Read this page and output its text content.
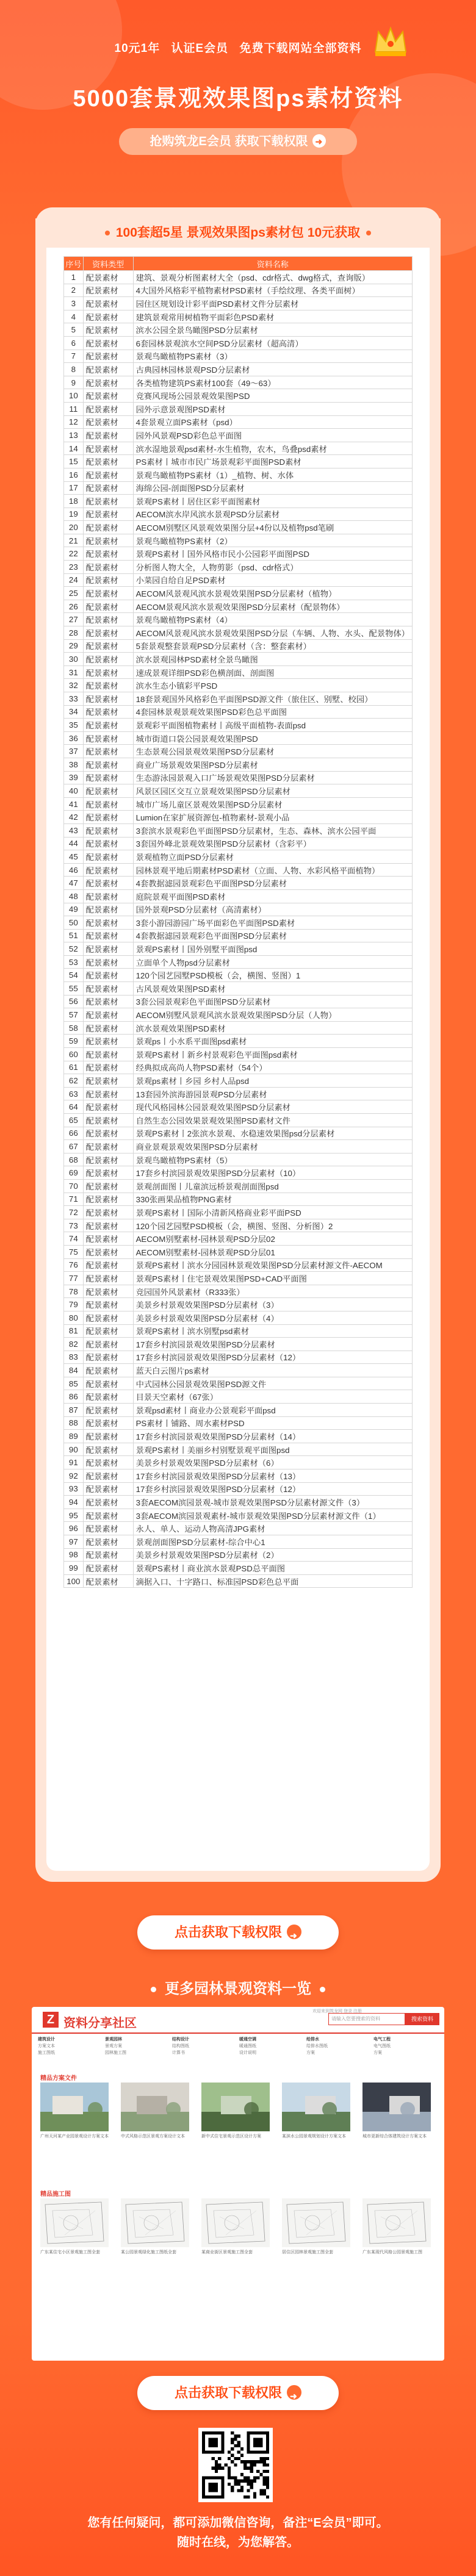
10元1年 认证E会员 免费下载网站全部资料
5000套景观效果图ps素材资料
抢购筑龙E会员 获取下载权限➜
100套超5星 景观效果图ps素材包 10元获取
序号	资料类型	资料名称
1	配景素材	建筑、景观分析图素材大全（psd、cdr格式、dwg格式，查询版）
2	配景素材	4大国外风格彩平植物素材PSD素材（手绘纹理、各类平面树）
3	配景素材	园住区规划设计彩平面PSD素材文件分层素材
4	配景素材	建筑景观常用树植物平面彩色PSD素材
5	配景素材	滨水公园全景鸟瞰图PSD分层素材
6	配景素材	6套园林景观滨水空间PSD分层素材（超高清）
7	配景素材	景观鸟瞰植物PS素材（3）
8	配景素材	古典园林园林景观PSD分层素材
9	配景素材	各类植物建筑PS素材100套（49～63）
10	配景素材	竞赛风现场公园景观效果图PSD
11	配景素材	园外示意景观图PSD素材
12	配景素材	4套景观立面PS素材（psd）
13	配景素材	园外风景观PSD彩色总平面图
14	配景素材	滨水湿地景观psd素材-水生植物，农木，鸟叠psd素材
15	配景素材	PS素材丨城市市民广场景观彩平面图PSD素材
16	配景素材	景观鸟瞰植物PS素材（1）_植物、树、水体
17	配景素材	海绵公园-剖面图PSD分层素材
18	配景素材	景观PS素材丨居住区彩平面图素材
19	配景素材	AECOM滨水岸风滨水景观PSD分层素材
20	配景素材	AECOM别墅区风景观效果图分层+4份以及植物psd笔刷
21	配景素材	景观鸟瞰植物PS素材（2）
22	配景素材	景观PS素材丨国外风格市民小公园彩平面图PSD
23	配景素材	分析图人物大全，人物剪影（psd、cdr格式）
24	配景素材	小菜园自给自足PSD素材
25	配景素材	AECOM风景观风滨水景观效果图PSD分层素材（植物）
26	配景素材	AECOM景观风滨水景观效果图PSD分层素材（配景物体）
27	配景素材	景观鸟瞰植物PS素材（4）
28	配景素材	AECOM风景观风滨水景观效果图PSD分层（车辆、人物、水头、配景物体）
29	配景素材	5套景观整套景观PSD分层素材（含：整套素材）
30	配景素材	滨水景观园林PSD素材全景鸟瞰图
31	配景素材	速成景观详细PSD彩色横剖面、剖面图
32	配景素材	滨水生态小镇彩平PSD
33	配景素材	18套景观国外风格彩色平面图PSD源文件（旅住区、别墅、校园）
34	配景素材	4套园林景观景观效果图PSD彩色总平面图
35	配景素材	景观彩平面图植物素材丨高级平面植物-表面psd
36	配景素材	城市街道口袋公园景观效果图PSD
37	配景素材	生态景观公园景观效果图PSD分层素材
38	配景素材	商业广场景观效果图PSD分层素材
39	配景素材	生态游泳园景观入口广场景观效果图PSD分层素材
40	配景素材	风景区园区交互立景观效果图PSD分层素材
41	配景素材	城市广场儿童区景观效果图PSD分层素材
42	配景素材	Lumion在家扩展资源包-植物素材-景观小品
43	配景素材	3套滨水景观彩色平面图PSD分层素材，生态、森林、滨水公园平面
44	配景素材	3套国外峰北景观效果图PSD分层素材（含彩平）
45	配景素材	景观植物立面PSD分层素材
46	配景素材	园林景观平地后期素材PSD素材（立面、人物、水彩风格平面植物）
47	配景素材	4套教据滤园景观彩色平面图PSD分层素材
48	配景素材	庭院景观平面图PSD素材
49	配景素材	国外景观PSD分层素材（高清素材）
50	配景素材	3套小游园游园广场平面彩色平面图PSD素材
51	配景素材	4套教据滤园景观彩色平面图PSD分层素材
52	配景素材	景观PS素材丨国外别墅平面图psd
53	配景素材	立面单个人物psd分层素材
54	配景素材	120个园艺园墅PSD模板（会，横图、竖图）1
55	配景素材	古风景观效果图PSD素材
56	配景素材	3套公园景观彩色平面图PSD分层素材
57	配景素材	AECOM别墅风景观风滨水景观效果图PSD分层（人物）
58	配景素材	滨水景观效果图PSD素材
59	配景素材	景观ps丨小水系平面图psd素材
60	配景素材	景观PS素材丨新乡村景观彩色平面图psd素材
61	配景素材	经典拟成高尚人物PSD素材（54个）
62	配景素材	景观ps素材丨乡园 乡村人品psd
63	配景素材	13套园外滨海游园景观PSD分层素材
64	配景素材	现代风格园林公园景观效果图PSD分层素材
65	配景素材	自然生态公园效果景观效果图PSD素材文件
66	配景素材	景观PS素材丨2张滨水景观、水稳速效果图psd分层素材
67	配景素材	商业景观景观效果图PSD分层素材
68	配景素材	景观鸟瞰植物PS素材（5）
69	配景素材	17套乡村滨园景观效果图PSD分层素材（10）
70	配景素材	景观剖面图丨儿童滨远桥景观剖面图psd
71	配景素材	330张画果品植物PNG素材
72	配景素材	景观PS素材丨国际小清新风格商业彩平面PSD
73	配景素材	120个园艺园墅PSD模板（会，横图、竖图、分析图）2
74	配景素材	AECOM别墅素材-园林景观PSD分层02
75	配景素材	AECOM别墅素材-园林景观PSD分层01
76	配景素材	景观PS素材丨滨水分园园林景观效果图PSD分层素材源文件-AECOM
77	配景素材	景观PS素材丨住宅景观效果图PSD+CAD平面图
78	配景素材	竞园国外风景素材（R333张）
79	配景素材	美景乡村景观效果图PSD分层素材（3）
80	配景素材	美景乡村景观效果图PSD分层素材（4）
81	配景素材	景观PS素材丨滨水别墅psd素材
82	配景素材	17套乡村滨园景观效果图PSD分层素材
83	配景素材	17套乡村滨园景观效果图PSD分层素材（12）
84	配景素材	蓝天白云图片ps素材
85	配景素材	中式园林公园景观效果图PSD源文件
86	配景素材	目景天空素材（67张）
87	配景素材	景观psd素材丨商业办公景观彩平面psd
88	配景素材	PS素材丨铺路、周水素材PSD
89	配景素材	17套乡村滨园景观效果图PSD分层素材（14）
90	配景素材	景观PS素材丨美丽乡村别墅景观平面图psd
91	配景素材	美景乡村景观效果图PSD分层素材（6）
92	配景素材	17套乡村滨园景观效果图PSD分层素材（13）
93	配景素材	17套乡村滨园景观效果图PSD分层素材（12）
94	配景素材	3套AECOM滨园景观-城市景观效果图PSD分层素材源文件（3）
95	配景素材	3套AECOM滨园景观素材-城市景观效果图PSD分层素材源文件（1）
96	配景素材	永人、单人、运动人物高清JPG素材
97	配景素材	景观剖面图PSD分层素材-综合中心1
98	配景素材	美景乡村景观效果图PSD分层素材（2）
99	配景素材	景观PS素材丨商业滨水景观PSD总平面图
100	配景素材	滴据入口、十字路口、标准园PSD彩色总平面
点击获取下载权限➜
更多园林景观资料一览
Z 资料分享社区
欢迎来到筑龙网 登录 注册
请输入您要搜索的资料	搜索资料
建筑设计

方案文本
施工图纸
景观园林

景观方案
园林施工图
结构设计

结构图纸
计算书
暖通空调

暖通图纸
设计说明
给排水

给排水图纸
方案
电气工程

电气图纸
方案
精品方案文件
广州天河某产业园景观设计方案文本	中式风格示范区景观方案设计文本	新中式住宅景观示范区设计方案	某滨水公园景观规划设计方案文本	城市更新综合体建筑设计方案文本
精品施工图
广东某住宅小区景观施工图全套	某公园景观绿化施工图纸全套	某商业街区景观施工图全套	居住区园林景观施工图全套	广东某现代风格公园景观施工图
点击获取下载权限➜
您有任何疑问，都可添加微信咨询，备注“E会员”即可。
随时在线，为您解答。
